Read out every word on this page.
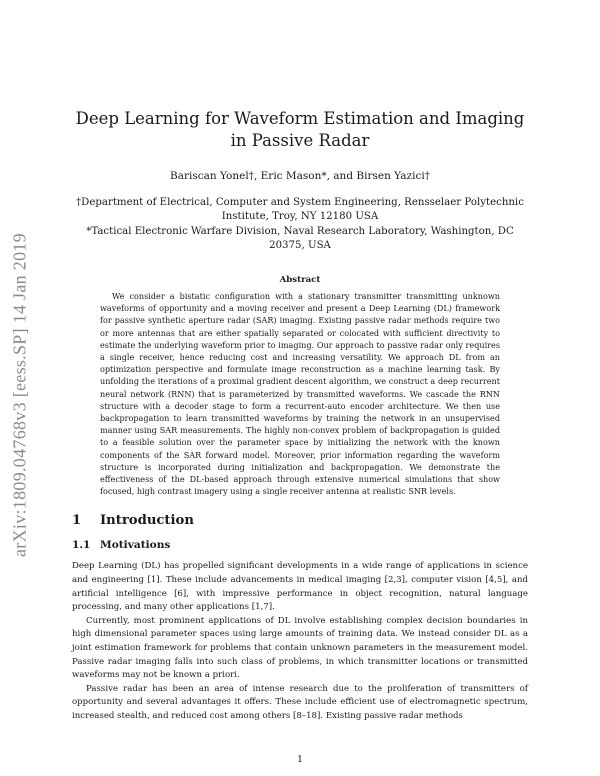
arXiv:1809.04768v3 [eess.SP] 14 Jan 2019
Deep Learning for Waveform Estimation and Imaging in Passive Radar
Bariscan Yonel†, Eric Mason*, and Birsen Yazici†

†Department of Electrical, Computer and System Engineering, Rensselaer Polytechnic Institute, Troy, NY 12180 USA

*Tactical Electronic Warfare Division, Naval Research Laboratory, Washington, DC 20375, USA

Abstract

We consider a bistatic configuration with a stationary transmitter transmitting unknown waveforms of opportunity and a moving receiver and present a Deep Learning (DL) framework for passive synthetic aperture radar (SAR) imaging. Existing passive radar methods require two or more antennas that are either spatially separated or colocated with sufficient directivity to estimate the underlying waveform prior to imaging. Our approach to passive radar only requires a single receiver, hence reducing cost and increasing versatility. We approach DL from an optimization perspective and formulate image reconstruction as a machine learning task. By unfolding the iterations of a proximal gradient descent algorithm, we construct a deep recurrent neural network (RNN) that is parameterized by transmitted waveforms. We cascade the RNN structure with a decoder stage to form a recurrent-auto encoder architecture. We then use backpropagation to learn transmitted waveforms by training the network in an unsupervised manner using SAR measurements. The highly non-convex problem of backpropagation is guided to a feasible solution over the parameter space by initializing the network with the known components of the SAR forward model. Moreover, prior information regarding the waveform structure is incorporated during initialization and backpropagation. We demonstrate the effectiveness of the DL-based approach through extensive numerical simulations that show focused, high contrast imagery using a single receiver antenna at realistic SNR levels.

1 Introduction
1.1 Motivations

Deep Learning (DL) has propelled significant developments in a wide range of applications in science and engineering [1]. These include advancements in medical imaging [2,3], computer vision [4,5], and artificial intelligence [6], with impressive performance in object recognition, natural language processing, and many other applications [1,7].

Currently, most prominent applications of DL involve establishing complex decision boundaries in high dimensional parameter spaces using large amounts of training data. We instead consider DL as a joint estimation framework for problems that contain unknown parameters in the measurement model. Passive radar imaging falls into such class of problems, in which transmitter locations or transmitted waveforms may not be known a priori.

Passive radar has been an area of intense research due to the proliferation of transmitters of opportunity and several advantages it offers. These include efficient use of electromagnetic spectrum, increased stealth, and reduced cost among others [8–18]. Existing passive radar methods

1
